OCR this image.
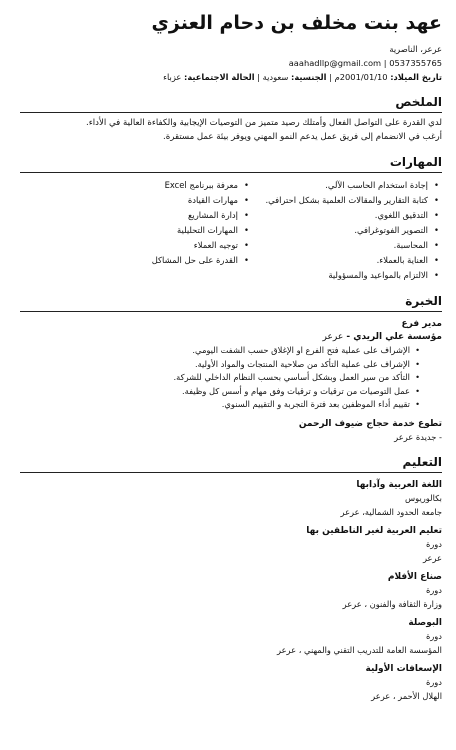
عهد بنت مخلف بن دحام العنزي
عرعر، الناصرية
aaahadllp@gmail.com | 0537355765
تاريخ الميلاد: 2001/01/10م | الجنسية: سعودية | الحالة الاجتماعية: عزباء
الملخص
لدي القدرة على التواصل الفعال وأمتلك رصيد متميز من التوصيات الإيجابية والكفاءة العالية في الأداء.
أرغب في الانضمام إلى فريق عمل يدعم النمو المهني ويوفر بيئة عمل مستقرة.
المهارات
• إجادة استخدام الحاسب الآلي.
• كتابة التقارير والمقالات العلمية بشكل احترافي.
• التدقيق اللغوي.
• التصوير الفوتوغرافي.
• المحاسبة.
• العناية بالعملاء.
• الالتزام بالمواعيد والمسؤولية
• معرفة ببرنامج Excel
• مهارات القيادة
• إدارة المشاريع
• المهارات التحليلية
• توجيه العملاء
• القدرة على حل المشاكل
الخبرة
مدير فرع
مؤسسة علي الريدي - عرعر
• الإشراف على عملية فتح الفرع او الإغلاق حسب الشفت اليومي.
• الإشراف على عملية التأكد من صلاحية المنتجات والمواد الأولية.
• التأكد من سير العمل وبشكل أساسي بحسب النظام الداخلي للشركة.
• عمل التوصيات من ترقيات و ترقيات وفق مهام و أسس كل وظيفة.
• تقييم أداء الموظفين بعد فترة التجربة و التقييم السنوي.
تطوع خدمة حجاج ضيوف الرحمن
- جديدة عرعر
التعليم
اللغة العربية وآدابها
بكالوريوس
جامعة الحدود الشمالية، عرعر
تعليم العربية لغير الناطقين بها
دورة
عرعر
صناع الأفلام
دورة
وزارة الثقافة والفنون ، عرعر
البوصلة
دورة
المؤسسة العامة للتدريب التقني والمهني ، عرعر
الإسعافات الأولية
دورة
الهلال الأحمر ، عرعر
